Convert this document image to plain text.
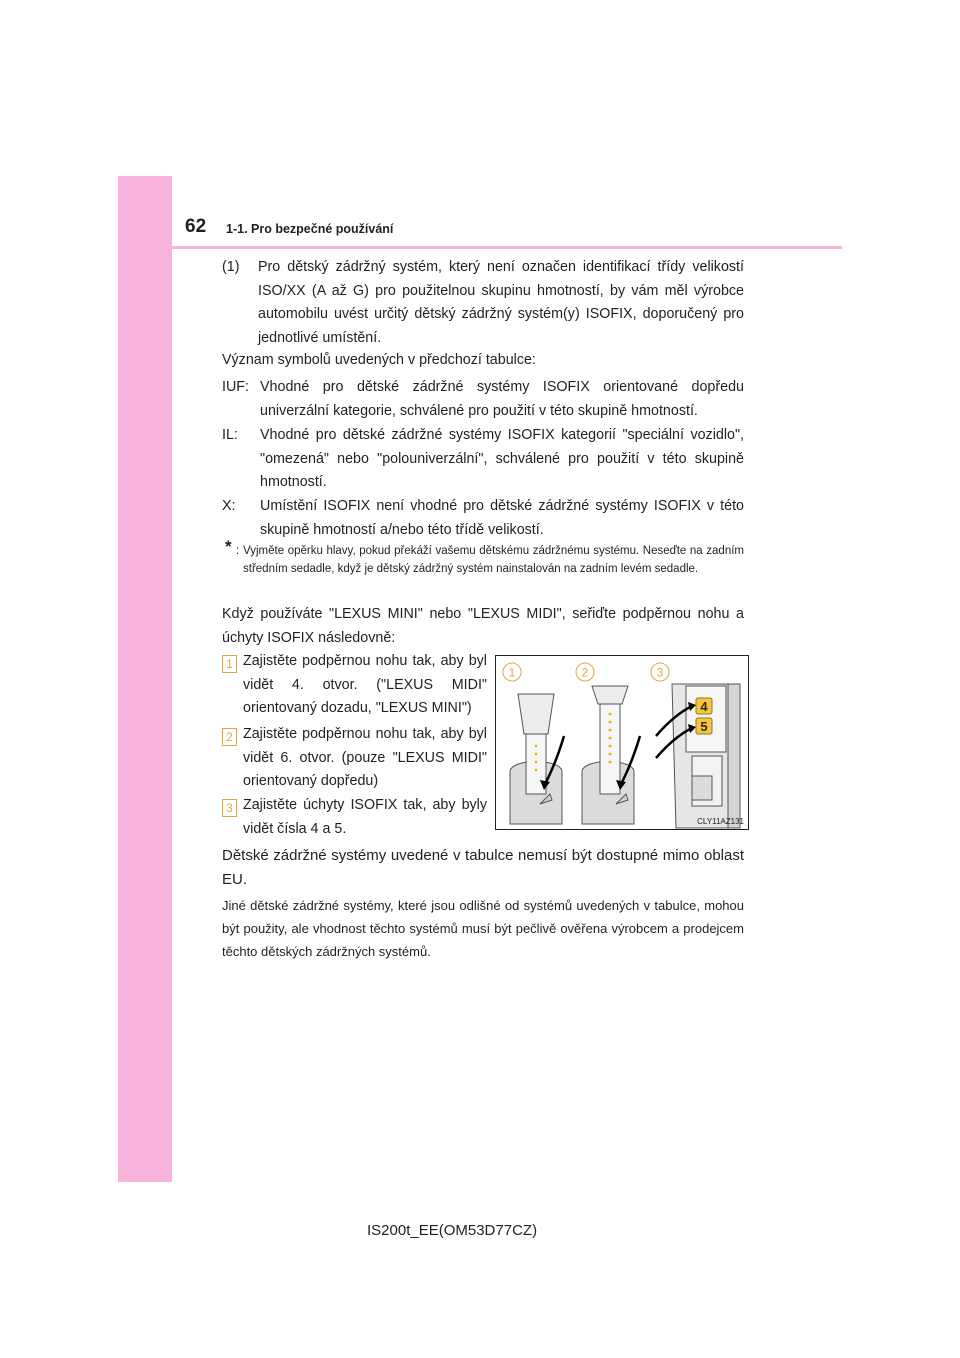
62 1-1. Pro bezpečné používání
(1) Pro dětský zádržný systém, který není označen identifikací třídy velikostí ISO/XX (A až G) pro použitelnou skupinu hmotností, by vám měl výrobce automobilu uvést určitý dětský zádržný systém(y) ISOFIX, doporučený pro jednotlivé umístění.
Význam symbolů uvedených v předchozí tabulce:
IUF: Vhodné pro dětské zádržné systémy ISOFIX orientované dopředu univerzální kategorie, schválené pro použití v této skupině hmotností.
IL: Vhodné pro dětské zádržné systémy ISOFIX kategorií "speciální vozidlo", "omezená" nebo "polouniverzální", schválené pro použití v této skupině hmotností.
X: Umístění ISOFIX není vhodné pro dětské zádržné systémy ISOFIX v této skupině hmotností a/nebo této třídě velikostí.
* : Vyjměte opěrku hlavy, pokud překáží vašemu dětskému zádržnému systému. Neseďte na zadním středním sedadle, když je dětský zádržný systém nainstalován na zadním levém sedadle.
Když používáte "LEXUS MINI" nebo "LEXUS MIDI", seřiďte podpěrnou nohu a úchyty ISOFIX následovně:
1 Zajistěte podpěrnou nohu tak, aby byl vidět 4. otvor. ("LEXUS MIDI" orientovaný dozadu, "LEXUS MINI")
2 Zajistěte podpěrnou nohu tak, aby byl vidět 6. otvor. (pouze "LEXUS MIDI" orientovaný dopředu)
3 Zajistěte úchyty ISOFIX tak, aby byly vidět čísla 4 a 5.
1	2	3
4
5
CLY11AZ131
Dětské zádržné systémy uvedené v tabulce nemusí být dostupné mimo oblast EU.
Jiné dětské zádržné systémy, které jsou odlišné od systémů uvedených v tabulce, mohou být použity, ale vhodnost těchto systémů musí být pečlivě ověřena výrobcem a prodejcem těchto dětských zádržných systémů.
IS200t_EE(OM53D77CZ)
